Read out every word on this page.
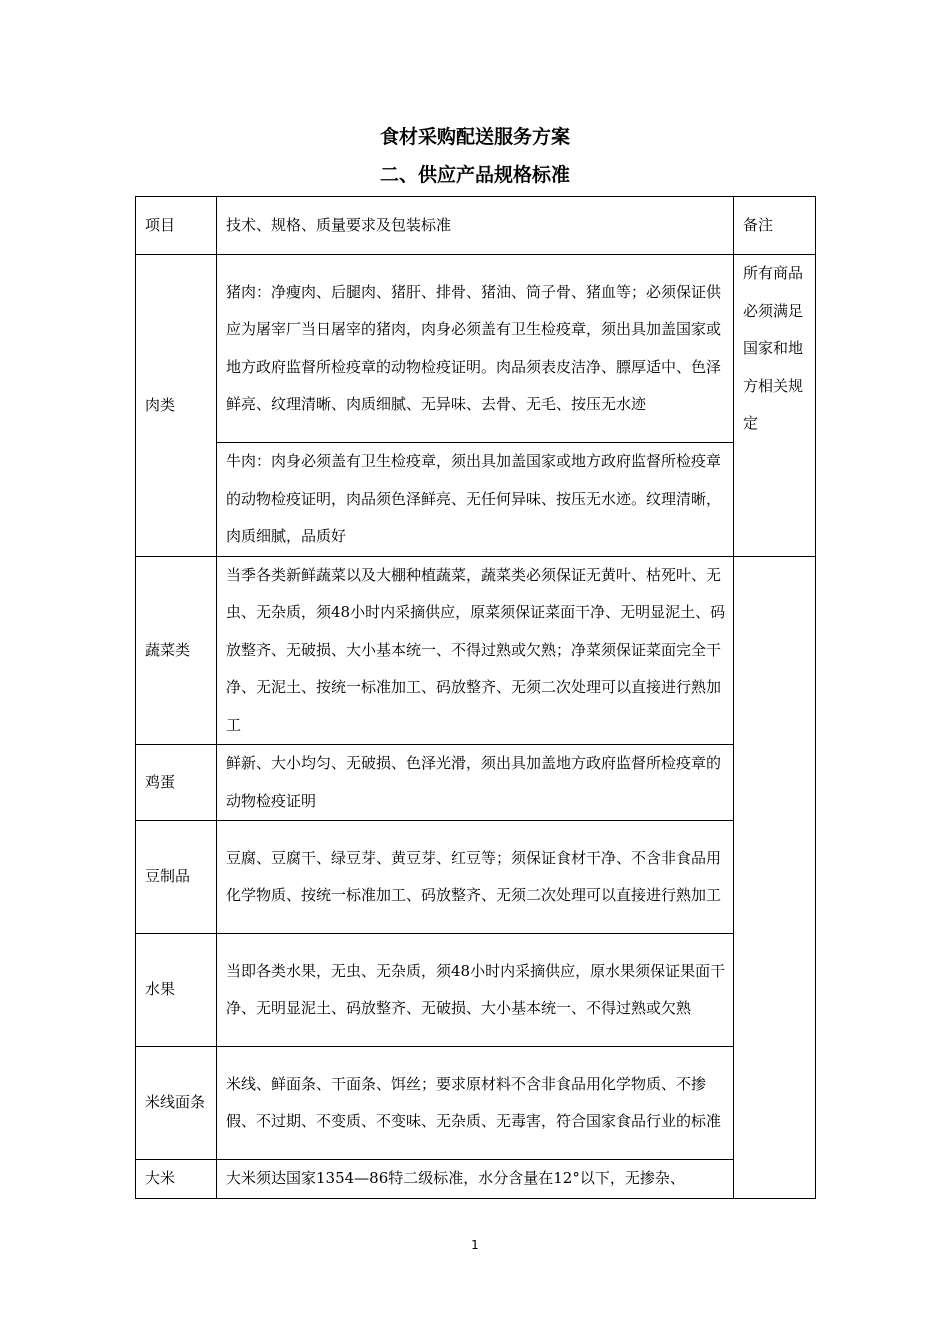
食材采购配送服务方案
二、供应产品规格标准
项目	技术、规格、质量要求及包装标准	备注
肉类	猪肉：净瘦肉、后腿肉、猪肝、排骨、猪油、筒子骨、猪血等；必须保证供应为屠宰厂当日屠宰的猪肉，肉身必须盖有卫生检疫章，须出具加盖国家或地方政府监督所检疫章的动物检疫证明。肉品须表皮洁净、膘厚适中、色泽鲜亮、纹理清晰、肉质细腻、无异味、去骨、无毛、按压无水迹	所有商品必须满足国家和地方相关规定
	牛肉：肉身必须盖有卫生检疫章，须出具加盖国家或地方政府监督所检疫章的动物检疫证明，肉品须色泽鲜亮、无任何异味、按压无水迹。纹理清晰，肉质细腻，品质好	
蔬菜类	当季各类新鲜蔬菜以及大棚种植蔬菜，蔬菜类必须保证无黄叶、枯死叶、无虫、无杂质，须48小时内采摘供应，原菜须保证菜面干净、无明显泥土、码放整齐、无破损、大小基本统一、不得过熟或欠熟；净菜须保证菜面完全干净、无泥土、按统一标准加工、码放整齐、无须二次处理可以直接进行熟加工	
鸡蛋	鲜新、大小均匀、无破损、色泽光滑，须出具加盖地方政府监督所检疫章的动物检疫证明	
豆制品	豆腐、豆腐干、绿豆芽、黄豆芽、红豆等；须保证食材干净、不含非食品用化学物质、按统一标准加工、码放整齐、无须二次处理可以直接进行熟加工	
水果	当即各类水果，无虫、无杂质，须48小时内采摘供应，原水果须保证果面干净、无明显泥土、码放整齐、无破损、大小基本统一、不得过熟或欠熟	
米线面条	米线、鲜面条、干面条、饵丝；要求原材料不含非食品用化学物质、不掺假、不过期、不变质、不变味、无杂质、无毒害，符合国家食品行业的标准	
大米	大米须达国家1354—86特二级标准，水分含量在12°以下，无掺杂、	
1
